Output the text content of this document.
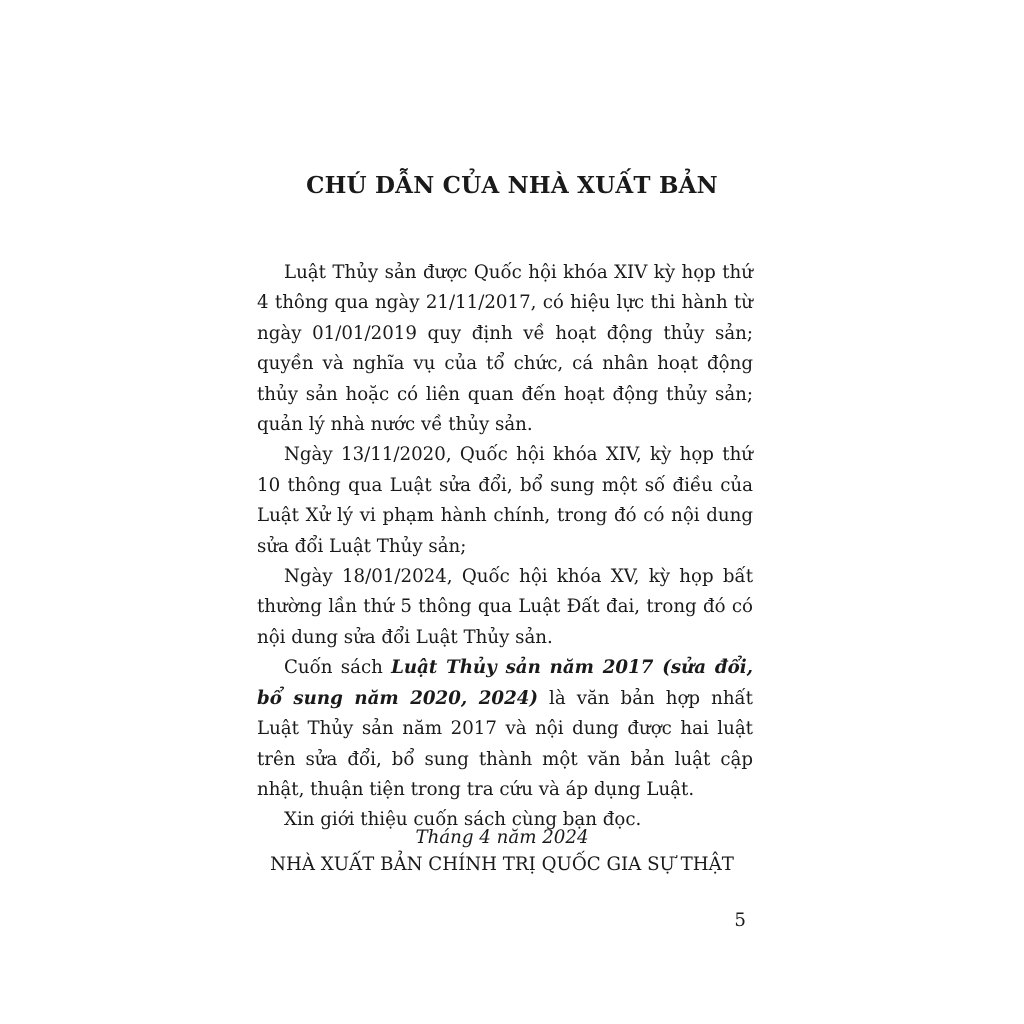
CHÚ DẪN CỦA NHÀ XUẤT BẢN

Luật Thủy sản được Quốc hội khóa XIV kỳ họp thứ 4 thông qua ngày 21/11/2017, có hiệu lực thi hành từ ngày 01/01/2019 quy định về hoạt động thủy sản; quyền và nghĩa vụ của tổ chức, cá nhân hoạt động thủy sản hoặc có liên quan đến hoạt động thủy sản; quản lý nhà nước về thủy sản.

Ngày 13/11/2020, Quốc hội khóa XIV, kỳ họp thứ 10 thông qua Luật sửa đổi, bổ sung một số điều của Luật Xử lý vi phạm hành chính, trong đó có nội dung sửa đổi Luật Thủy sản;

Ngày 18/01/2024, Quốc hội khóa XV, kỳ họp bất thường lần thứ 5 thông qua Luật Đất đai, trong đó có nội dung sửa đổi Luật Thủy sản.

Cuốn sách Luật Thủy sản năm 2017 (sửa đổi, bổ sung năm 2020, 2024) là văn bản hợp nhất Luật Thủy sản năm 2017 và nội dung được hai luật trên sửa đổi, bổ sung thành một văn bản luật cập nhật, thuận tiện trong tra cứu và áp dụng Luật.

Xin giới thiệu cuốn sách cùng bạn đọc.

Tháng 4 năm 2024
NHÀ XUẤT BẢN CHÍNH TRỊ QUỐC GIA SỰ THẬT
5
